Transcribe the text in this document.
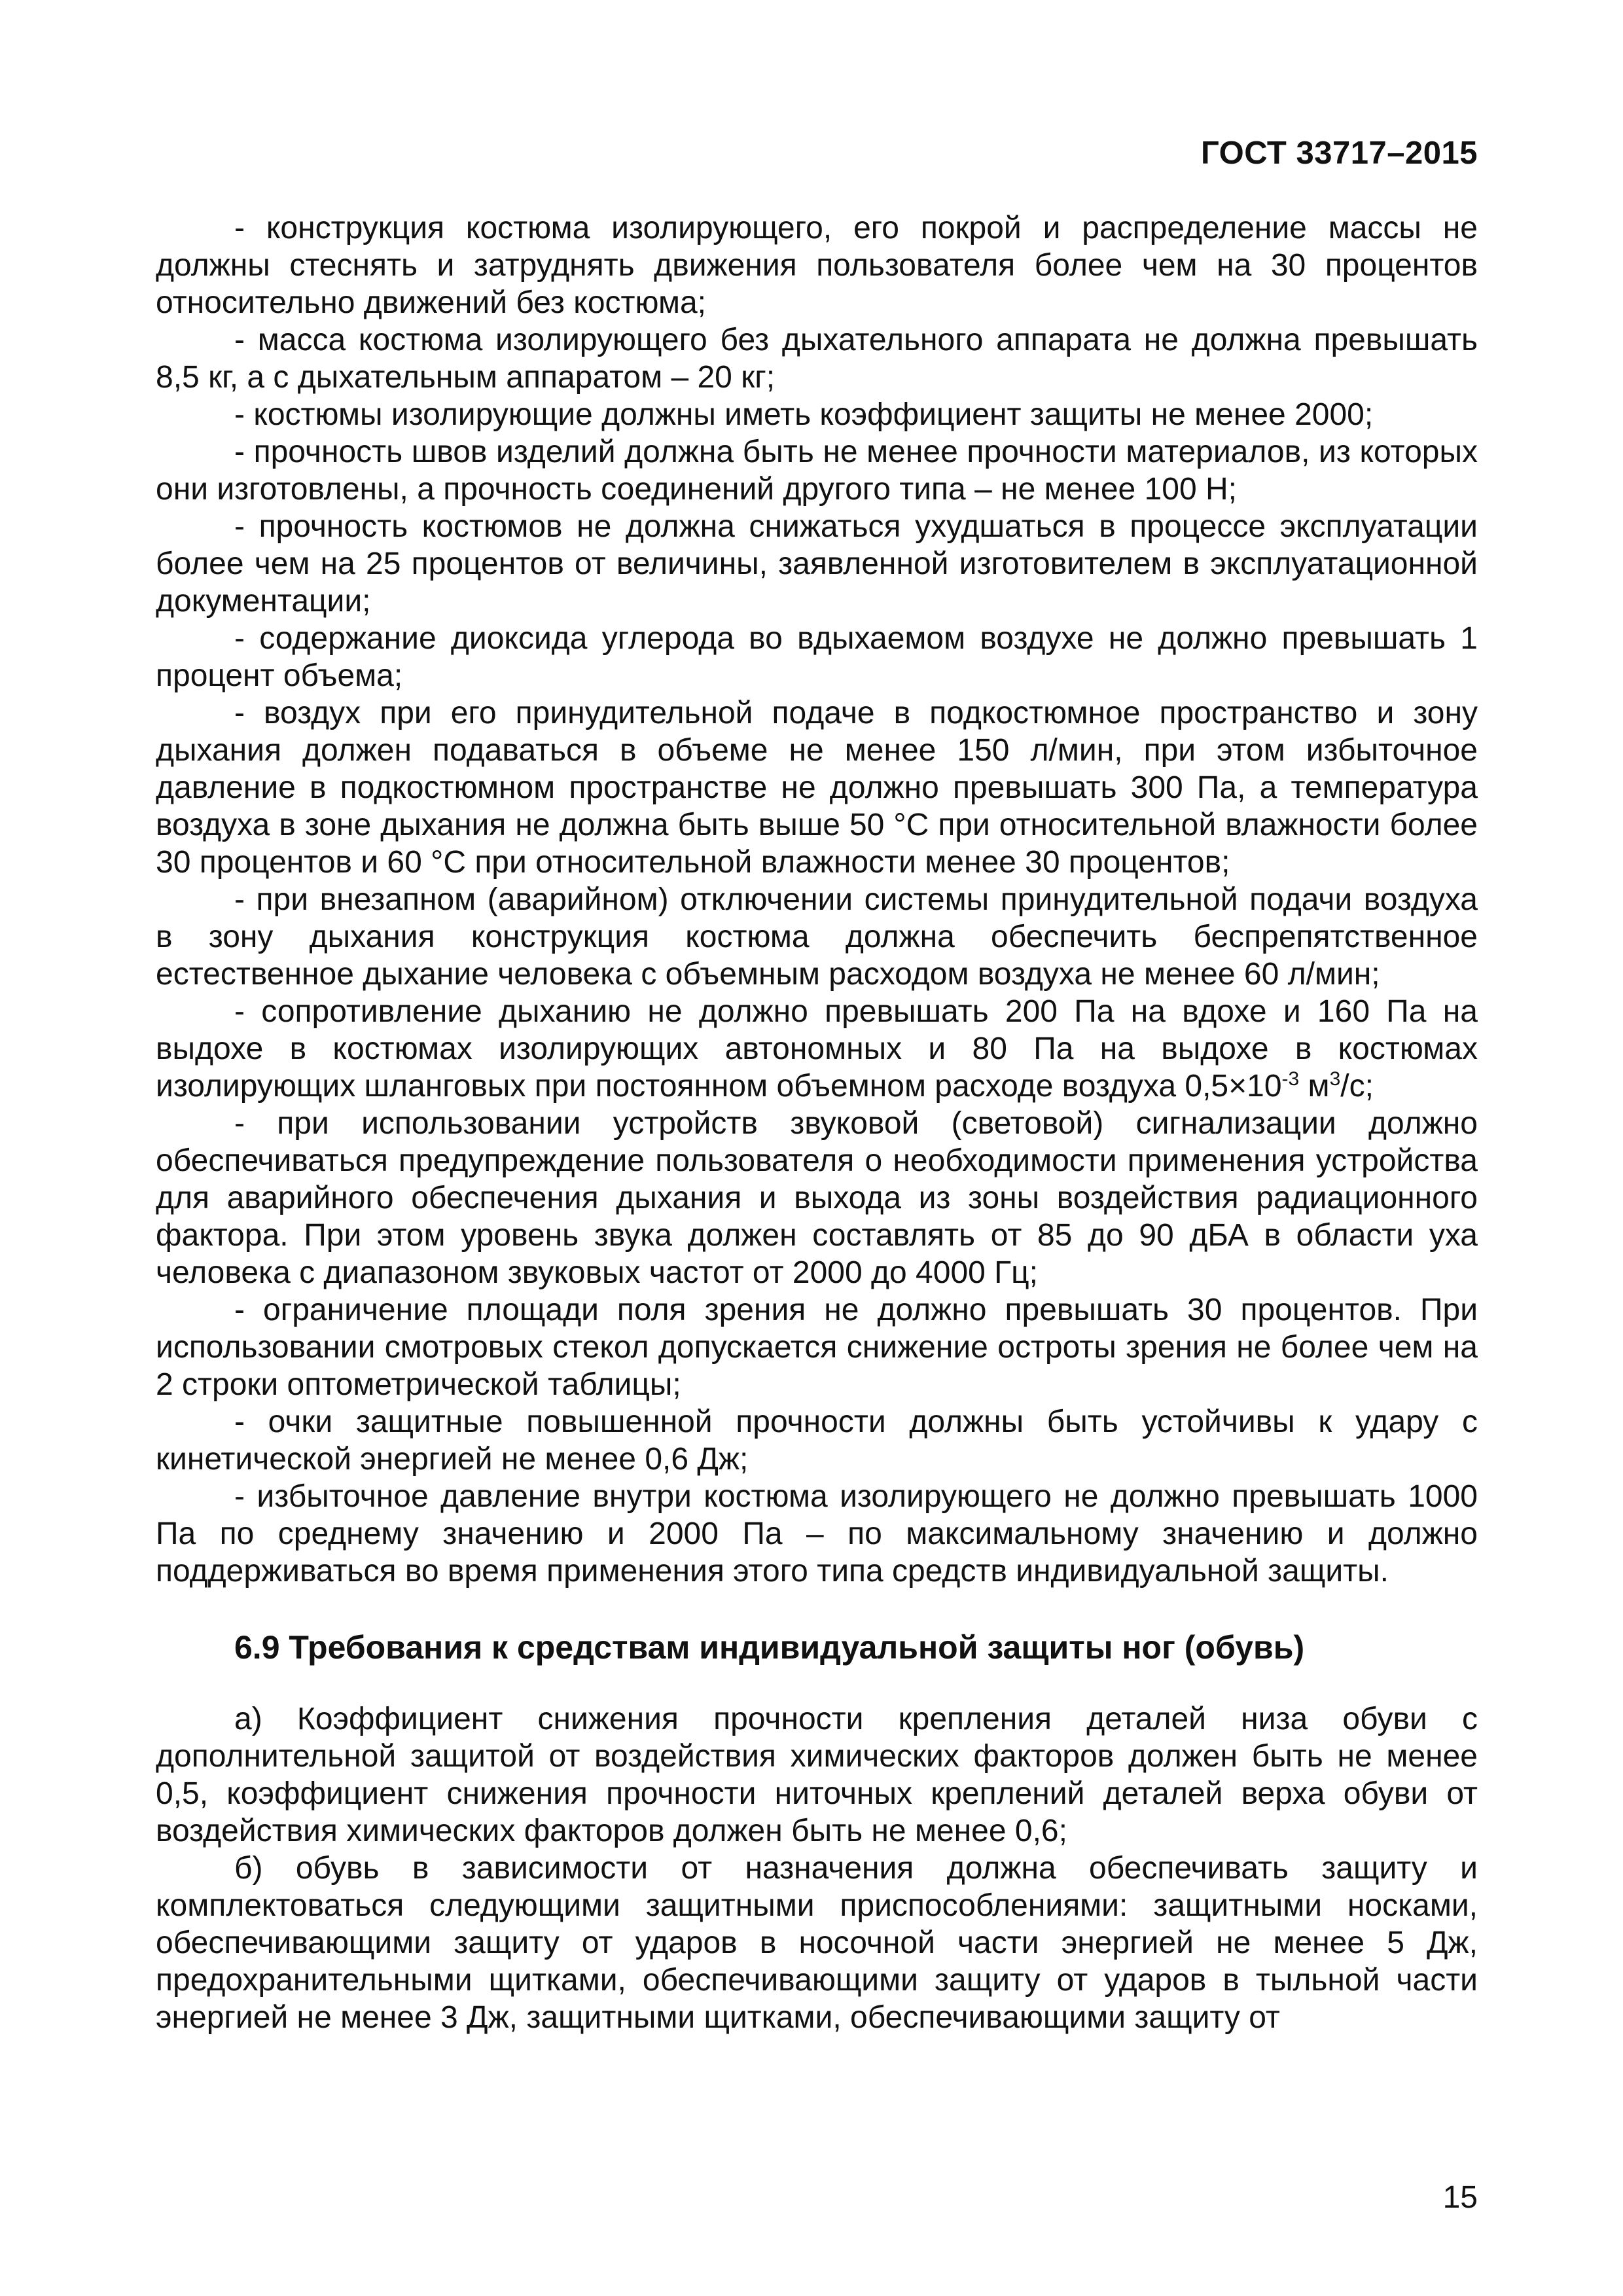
ГОСТ 33717–2015

- конструкция костюма изолирующего, его покрой и распределение массы не должны стеснять и затруднять движения пользователя более чем на 30 процентов относительно движений без костюма;

- масса костюма изолирующего без дыхательного аппарата не должна превышать 8,5 кг, а с дыхательным аппаратом – 20 кг;

- костюмы изолирующие должны иметь коэффициент защиты не менее 2000;

- прочность швов изделий должна быть не менее прочности материалов, из которых они изготовлены, а прочность соединений другого типа – не менее 100 Н;

- прочность костюмов не должна снижаться ухудшаться в процессе эксплуатации более чем на 25 процентов от величины, заявленной изготовителем в эксплуатационной документации;

- содержание диоксида углерода во вдыхаемом воздухе не должно превышать 1 процент объема;

- воздух при его принудительной подаче в подкостюмное пространство и зону дыхания должен подаваться в объеме не менее 150 л/мин, при этом избыточное давление в подкостюмном пространстве не должно превышать 300 Па, а температура воздуха в зоне дыхания не должна быть выше 50 °С при относительной влажности более 30 процентов и 60 °С при относительной влажности менее 30 процентов;

- при внезапном (аварийном) отключении системы принудительной подачи воздуха в зону дыхания конструкция костюма должна обеспечить беспрепятственное естественное дыхание человека с объемным расходом воздуха не менее 60 л/мин;

- сопротивление дыханию не должно превышать 200 Па на вдохе и 160 Па на выдохе в костюмах изолирующих автономных и 80 Па на выдохе в костюмах изолирующих шланговых при постоянном объемном расходе воздуха $0,5\times 10^{-3}$ $м^3/с$;

- при использовании устройств звуковой (световой) сигнализации должно обеспечиваться предупреждение пользователя о необходимости применения устройства для аварийного обеспечения дыхания и выхода из зоны воздействия радиационного фактора. При этом уровень звука должен составлять от 85 до 90 дБА в области уха человека с диапазоном звуковых частот от 2000 до 4000 Гц;

- ограничение площади поля зрения не должно превышать 30 процентов. При использовании смотровых стекол допускается снижение остроты зрения не более чем на 2 строки оптометрической таблицы;

- очки защитные повышенной прочности должны быть устойчивы к удару с кинетической энергией не менее 0,6 Дж;

- избыточное давление внутри костюма изолирующего не должно превышать 1000 Па по среднему значению и 2000 Па – по максимальному значению и должно поддерживаться во время применения этого типа средств индивидуальной защиты.

6.9 Требования к средствам индивидуальной защиты ног (обувь)

а) Коэффициент снижения прочности крепления деталей низа обуви с дополнительной защитой от воздействия химических факторов должен быть не менее 0,5, коэффициент снижения прочности ниточных креплений деталей верха обуви от воздействия химических факторов должен быть не менее 0,6;

б) обувь в зависимости от назначения должна обеспечивать защиту и комплектоваться следующими защитными приспособлениями: защитными носками, обеспечивающими защиту от ударов в носочной части энергией не менее 5 Дж, предохранительными щитками, обеспечивающими защиту от ударов в тыльной части энергией не менее 3 Дж, защитными щитками, обеспечивающими защиту от

15
